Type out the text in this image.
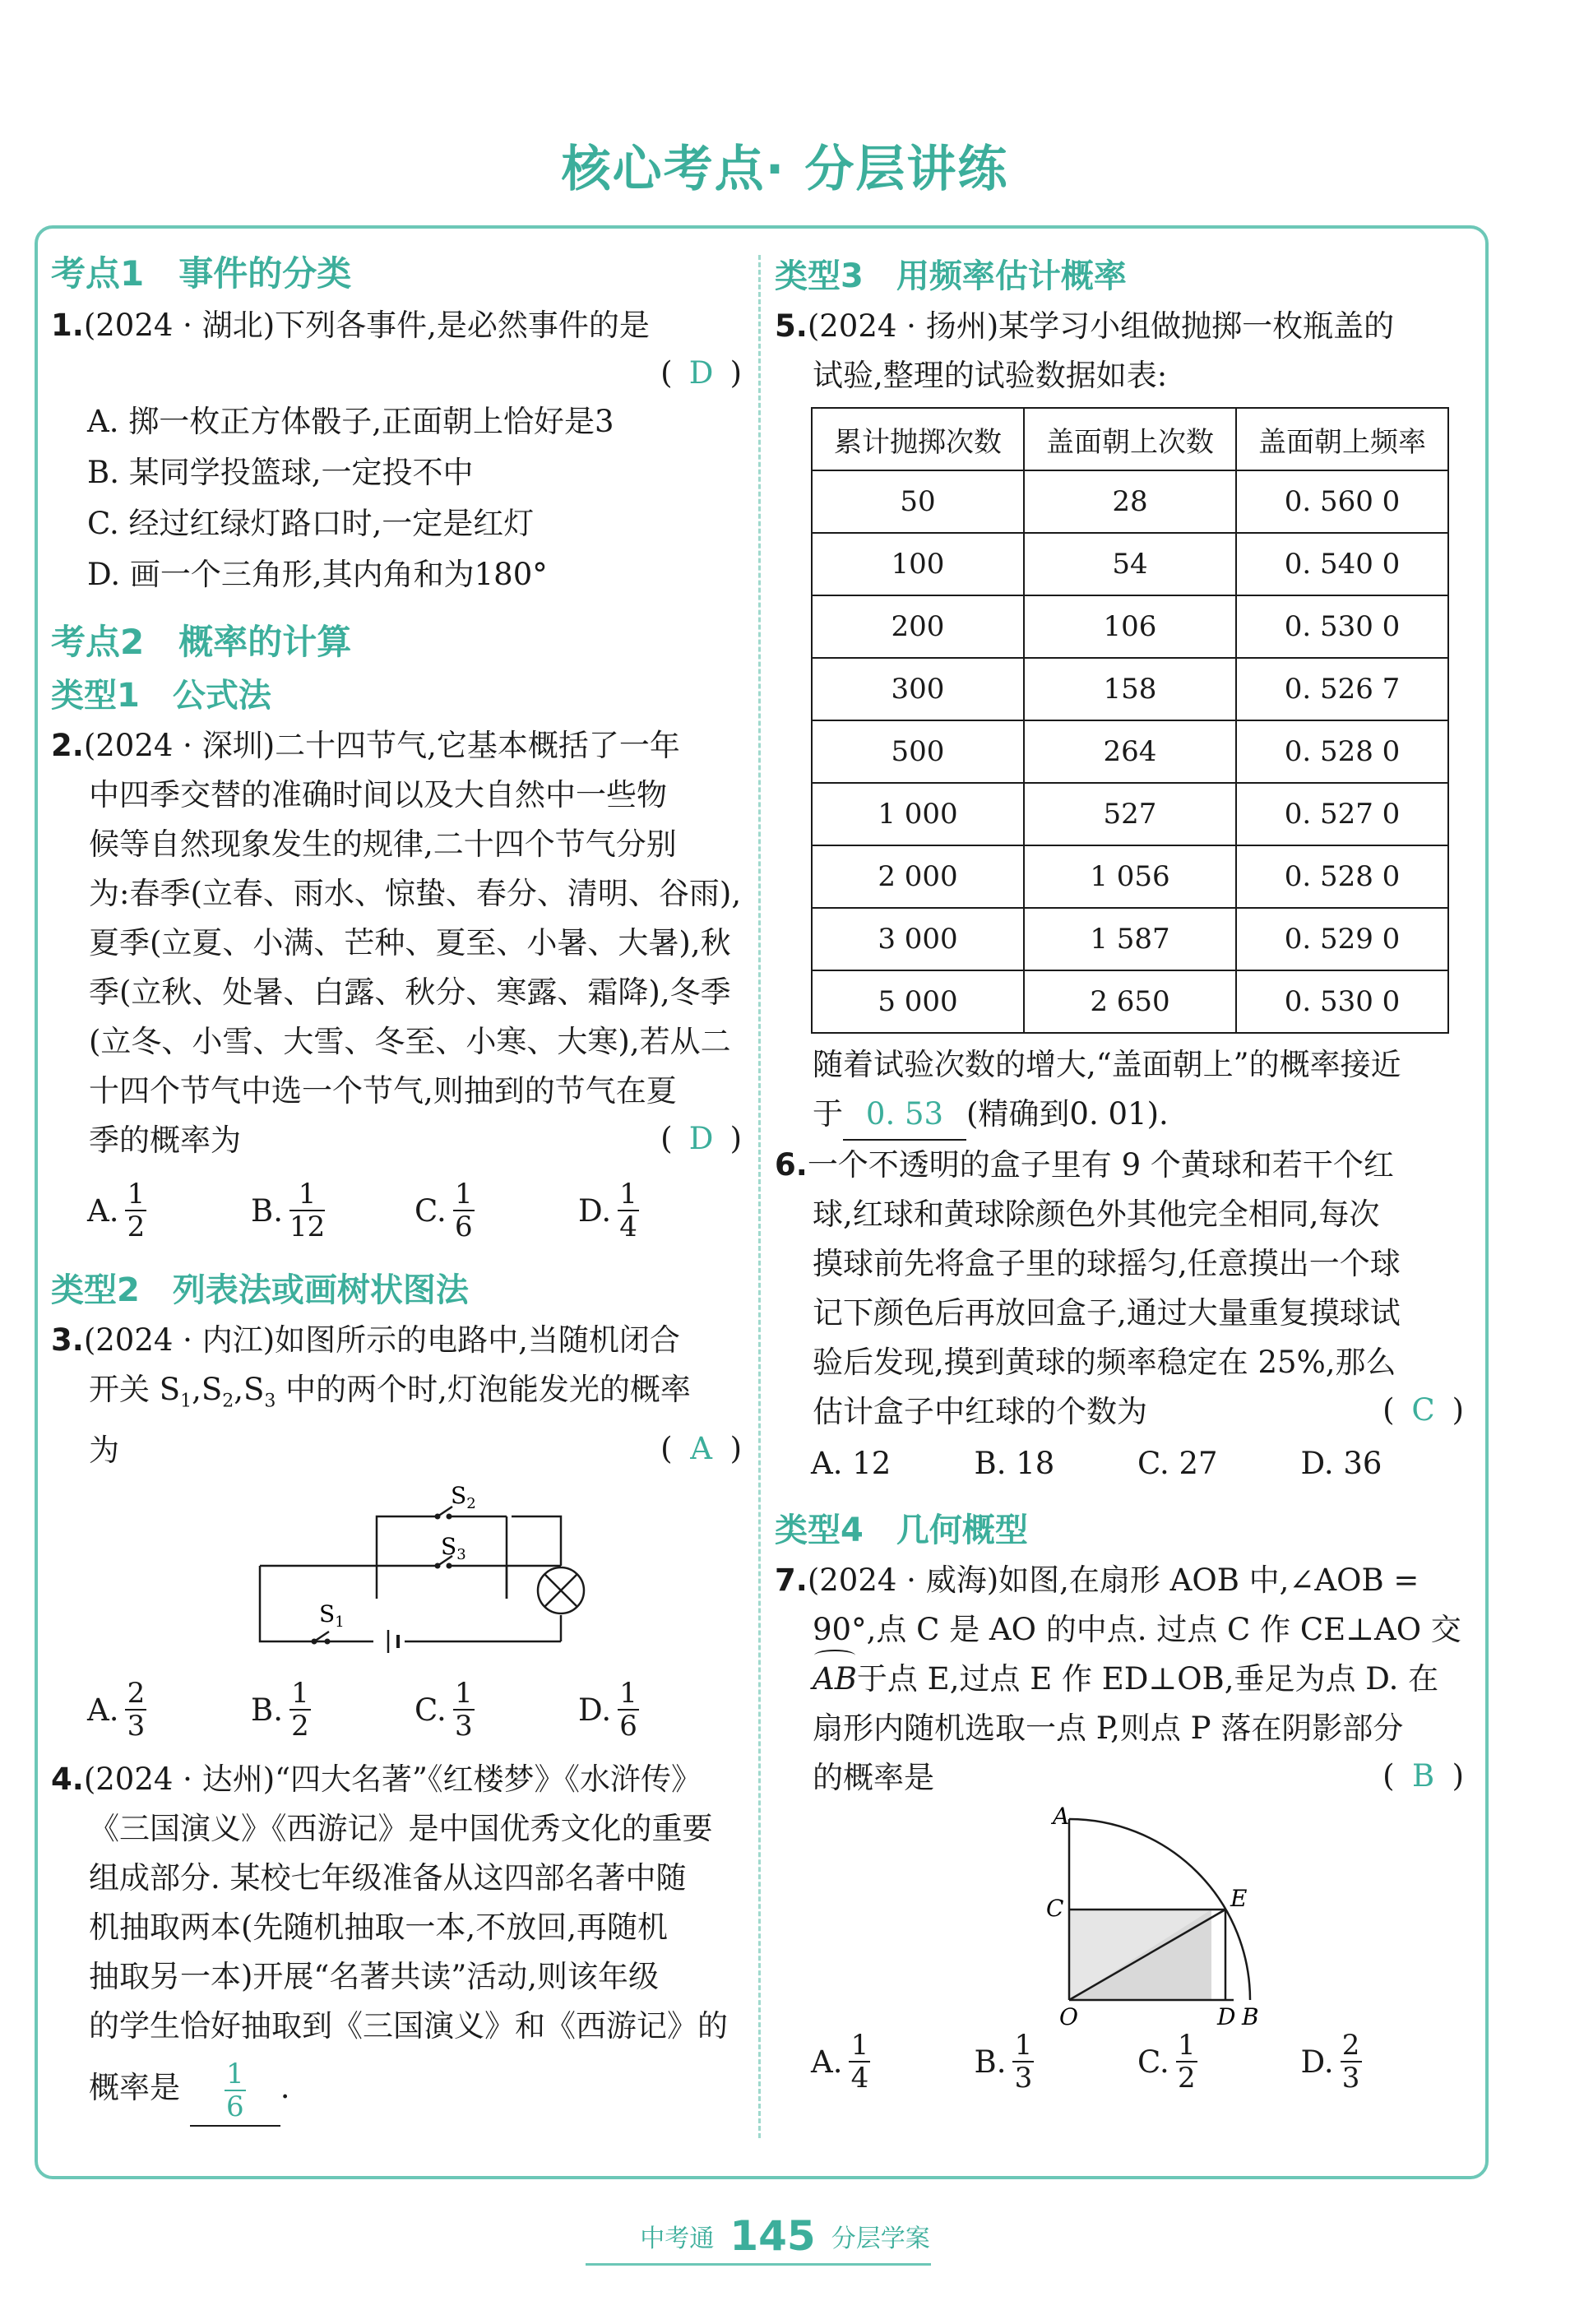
核心考点· 分层讲练
考点1　事件的分类

1.(2024 · 湖北)下列各事件,是必然事件的是

( D )
A. 掷一枚正方体骰子,正面朝上恰好是3
B. 某同学投篮球,一定投不中
C. 经过红绿灯路口时,一定是红灯
D. 画一个三角形,其内角和为180°
考点2　概率的计算
类型1　公式法

2.(2024 · 深圳)二十四节气,它基本概括了一年

中四季交替的准确时间以及大自然中一些物

候等自然现象发生的规律,二十四个节气分别

为:春季(立春、雨水、惊蛰、春分、清明、谷雨),

夏季(立夏、小满、芒种、夏至、小暑、大暑),秋

季(立秋、处暑、白露、秋分、寒露、霜降),冬季

(立冬、小雪、大雪、冬至、小寒、大寒),若从二

十四个节气中选一个节气,则抽到的节气在夏

季的概率为	( D )
A. $\frac{1}{2}$	B. $\frac{1}{12}$	C. $\frac{1}{6}$	D. $\frac{1}{4}$
类型2　列表法或画树状图法

3.(2024 · 内江)如图所示的电路中,当随机闭合

开关 $S_1,S_2,S_3$ 中的两个时,灯泡能发光的概率

为	( A )
$S_2$
$S_3$
$S_1$
A. $\frac{2}{3}$	B. $\frac{1}{2}$	C. $\frac{1}{3}$	D. $\frac{1}{6}$

4.(2024 · 达州)“四大名著”《红楼梦》《水浒传》

《三国演义》《西游记》是中国优秀文化的重要

组成部分. 某校七年级准备从这四部名著中随

机抽取两本(先随机抽取一本,不放回,再随机

抽取另一本)开展“名著共读”活动,则该年级

的学生恰好抽取到《三国演义》和《西游记》的

概率是 $\frac{1}{6}$ .

类型3　用频率估计概率

5.(2024 · 扬州)某学习小组做抛掷一枚瓶盖的

试验,整理的试验数据如表:

累计抛掷次数	盖面朝上次数	盖面朝上频率
50	28	0. 560 0
100	54	0. 540 0
200	106	0. 530 0
300	158	0. 526 7
500	264	0. 528 0
1 000	527	0. 527 0
2 000	1 056	0. 528 0
3 000	1 587	0. 529 0
5 000	2 650	0. 530 0

随着试验次数的增大,“盖面朝上”的概率接近

于 0. 53 (精确到0. 01).

6.一个不透明的盒子里有 9 个黄球和若干个红

球,红球和黄球除颜色外其他完全相同,每次

摸球前先将盒子里的球摇匀,任意摸出一个球

记下颜色后再放回盒子,通过大量重复摸球试

验后发现,摸到黄球的频率稳定在 25%,那么

估计盒子中红球的个数为	( C )
A. 12	B. 18	C. 27	D. 36
类型4　几何概型

7.(2024 · 威海)如图,在扇形 AOB 中,∠AOB =

90°,点 C 是 AO 的中点. 过点 C 作 CE⊥AO 交

AB于点 E,过点 E 作 ED⊥OB,垂足为点 D. 在

扇形内随机选取一点 P,则点 P 落在阴影部分

的概率是	( B )
A
C	E
O	D B
A. $\frac{1}{4}$	B. $\frac{1}{3}$	C. $\frac{1}{2}$	D. $\frac{2}{3}$
中考通 145 分层学案
